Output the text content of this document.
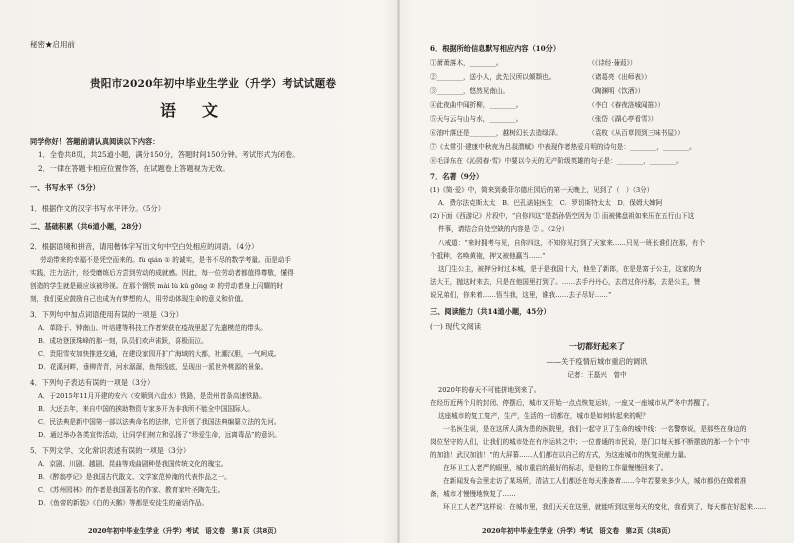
秘密★启用前
贵阳市2020年初中毕业生学业（升学）考试试题卷
语文
同学你好！答题前请认真阅读以下内容：
1．全卷共8页，共25道小题，满分150分，答题时间150分钟。考试形式为闭卷。
2．一律在答题卡相应位置作答，在试题卷上答题视为无效。
一、书写水平（5分）
1．根据作文的汉字书写水平评分。（5分）
二、基础积累（共6道小题，28分）
2．根据语境和拼音，请用楷体字写出文句中空白处相应的词语。（4分）
劳动带来的幸福不是凭空而来的。fù qián ① 的诚实，是书不尽的数学考量。而是动手
实践，注力法汁，经受磨练后方尝到劳动的成就感。因此，每一位劳动者都值得尊敬，懂得
创造的学生就是最应该被珍视。在那个钢铁 mài lù kǔ gōng ② 的劳动者身上闪耀的时
刻，我们更应鼓励自己也成为有梦想的人，用劳动体现生命的意义和价值。
3．下列句中加点词语使用有误的一项是（3分）
A．革除于、钟南山、叶培建等科技工作者荣获在疫战里起了先遣模范的带头。
B．成功登顶珠峰的那一刻，队员们欢声雀跃，喜极而泣。
C．贵阳雪安加快推进交通，在建设家园开扩广海域的大都，社潮汉胆，一气呵成。
D．花溪河畔，垂柳青青，河水潺潺，鱼翔浅底，呈现出一派世外桃源的景象。
4．下列句子表达有误的一项是（3分）
A．于2015年11月开建的安六（安顺到六盘水）铁路，是贵州首条高速铁路。
B．大还去年，来自中国的挨助物资专家多开为非我所不能全中国国际人。
C．民法典是新中国第一部以法典命名的法律，它开创了我国法典编纂立法的先河。
D．通过举办各类宣传活动，让同学们树立和弘扬了“珍爱生命，远离毒品”的意识。
5．下列文学、文化常识表述有误的一项是（3分）
A．京剧、川剧、越剧、昆曲等戏曲剧种是我国传统文化的瑰宝。
B．《醉翁亭记》是我国古代散文、文学家范仲淹的代表作品之一。
C．《苏州园林》的作者是我国著名的作家、教育家叶圣陶先生。
D．《鱼帝的新装》《白的天鹅》等都是安徒生的童话作品。
2020年初中毕业生学业（升学）考试　语文卷　第1页（共8页）
6．根据所给信息默写相应内容（10分）
①萧萧落木，________。　　　　　　　　　　　　　　（《诗经·蒹葭》）
②________，送小人，此先汉所以倾颓也。　　　　　　（诸葛亮《出师表》）
③________，悠然见南山。　　　　　　　　　　　　　（陶渊明《饮酒》）
④此夜曲中闻折柳，________。　　　　　　　　　　　（李白《春夜洛城闻笛》）
⑤天与云与山与水，________。　　　　　　　　　　　（张岱《湖心亭看雪》）
⑥油叶落还是________，越树幻长去造绿泽。　　　　　（袁枚《从百草园到三味书屋》）
⑦《太常引·建康中秋夜为吕叔潜赋》中表现作者热爱月明的诗句是：________，________。
⑧毛泽东在《沁园春·雪》中要以今天的无产阶级英雄的句子是：________，________。
7．名著（9分）
(1)《简·爱》中，简来到桑菲尔德庄园后的第一天晚上，见到了（　）（3分）
A．费尔法克斯太太　B．巴孔诺娃医生　C．罗切斯特太太　D．保姆大婶阿
(2)下面《西游记》片段中，“自你四这”是指孙悟空因为 ① 而被佛盘祖如来压在五行山下这
件事，请结合自处空缺的内容是 ② 。（2分）
八戒道：“来时拥考与见，自你四这，不知你见打到了天家来……只见一班长谁们在那，有个
个抵种，名唤黄袍，押又被他赢当……”
这门生公主，被押分时过本城，是于是我国十大，他坐了新郎，在是是富于公主，这家的为
法大王，抛这时来去，只是在他国里打到了。……去手丹丹心，去首过你丹那，去是公主，赞
说兄弟们，你来着……悟当我，这里，谁我……去子尽好……”
三、阅读能力（共14道小题，45分）
(一) 现代文阅读
一切都好起来了
——关于疫情后城市重启的调讯
记者：王磊兴　曾中
2020年的春天不可能拼地到来了。
在经历近两个月的封闭、停摆后，城市又开始一点点恢复运转，一座又一座城市从严冬中苏醒了。
这座城市的复工复产，生产，生活的一切都在，城市是如何转起来的呢？
　　一名医生说，是在这所人满为患的医院里，我们一起守卫了生命的城中线：一名警察说，是那些在身边的
岗位坚守的人们，让我们的城市处在有序运转之中；一位普通的市民说，是门口每天都不断摆放的那一个个“中
的加油！武汉加油！”的大屏幕……人们都在以自己的方式，为这座城市的恢复贡献力量。
　　在环卫工人老严的眼里，城市重启的最好的标志，是他的工作量慢慢回来了。
　　在新闻发布会里走访了某场所，清洁工人们都还在每天准备着……今年若要来多少人，城市都仍在做着准
备，城市才慢慢地恢复了……
　　环卫工人老严这样说：在城市里，我们天天在这里，就能听到这里每天的变化，我看到了，每天都在好起来……
2020年初中毕业生学业（升学）考试　语文卷　第2页（共8页）
